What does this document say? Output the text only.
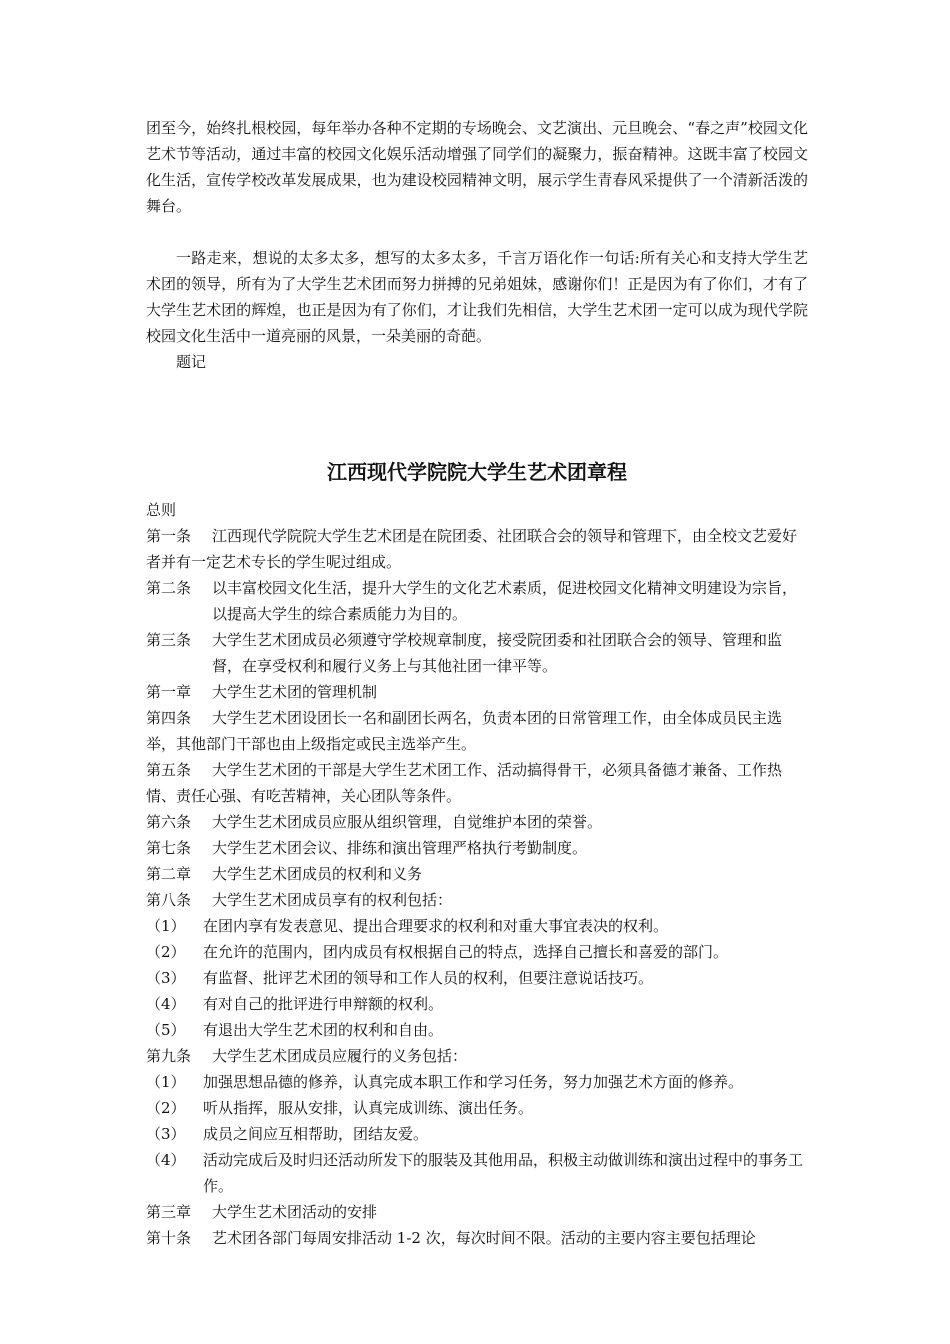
团至今，始终扎根校园，每年举办各种不定期的专场晚会、文艺演出、元旦晚会、“春之声”校园文化艺术节等活动，通过丰富的校园文化娱乐活动增强了同学们的凝聚力，振奋精神。这既丰富了校园文化生活，宣传学校改革发展成果，也为建设校园精神文明，展示学生青春风采提供了一个清新活泼的舞台。

一路走来，想说的太多太多，想写的太多太多，千言万语化作一句话:所有关心和支持大学生艺术团的领导，所有为了大学生艺术团而努力拼搏的兄弟姐妹，感谢你们！正是因为有了你们，才有了大学生艺术团的辉煌，也正是因为有了你们，才让我们先相信，大学生艺术团一定可以成为现代学院校园文化生活中一道亮丽的风景，一朵美丽的奇葩。

题记
江西现代学院院大学生艺术团章程
总则
第一条 江西现代学院院大学生艺术团是在院团委、社团联合会的领导和管理下，由全校文艺爱好者并有一定艺术专长的学生呢过组成。
第二条	以丰富校园文化生活，提升大学生的文化艺术素质，促进校园文化精神文明建设为宗旨，以提高大学生的综合素质能力为目的。
第三条	大学生艺术团成员必须遵守学校规章制度，接受院团委和社团联合会的领导、管理和监督，在享受权利和履行义务上与其他社团一律平等。
第一章	大学生艺术团的管理机制
第四条 大学生艺术团设团长一名和副团长两名，负责本团的日常管理工作，由全体成员民主选举，其他部门干部也由上级指定或民主选举产生。
第五条 大学生艺术团的干部是大学生艺术团工作、活动搞得骨干，必须具备德才兼备、工作热情、责任心强、有吃苦精神，关心团队等条件。
第六条	大学生艺术团成员应服从组织管理，自觉维护本团的荣誉。
第七条	大学生艺术团会议、排练和演出管理严格执行考勤制度。
第二章	大学生艺术团成员的权利和义务
第八条	大学生艺术团成员享有的权利包括：
（1）	在团内享有发表意见、提出合理要求的权利和对重大事宜表决的权利。
（2）	在允许的范围内，团内成员有权根据自己的特点，选择自己擅长和喜爱的部门。
（3）	有监督、批评艺术团的领导和工作人员的权利，但要注意说话技巧。
（4）	有对自己的批评进行申辩额的权利。
（5）	有退出大学生艺术团的权利和自由。
第九条	大学生艺术团成员应履行的义务包括：
（1）	加强思想品德的修养，认真完成本职工作和学习任务，努力加强艺术方面的修养。
（2）	听从指挥，服从安排，认真完成训练、演出任务。
（3）	成员之间应互相帮助，团结友爱。
（4）	活动完成后及时归还活动所发下的服装及其他用品，积极主动做训练和演出过程中的事务工作。
第三章	大学生艺术团活动的安排
第十条	艺术团各部门每周安排活动 1-2 次，每次时间不限。活动的主要内容主要包括理论
